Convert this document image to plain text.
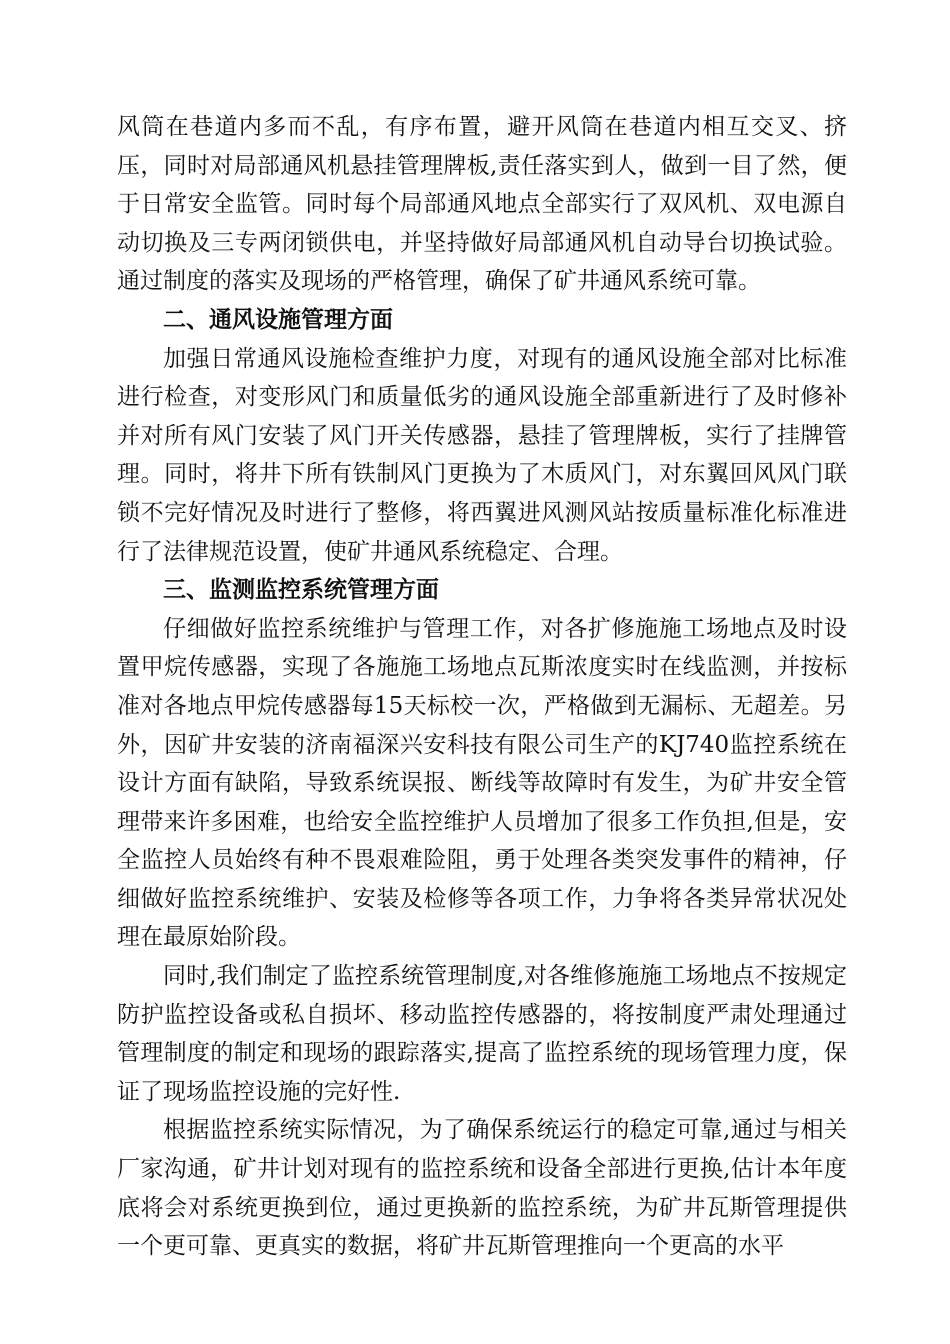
风筒在巷道内多而不乱，有序布置，避开风筒在巷道内相互交叉、挤压，同时对局部通风机悬挂管理牌板,责任落实到人，做到一目了然，便于日常安全监管。同时每个局部通风地点全部实行了双风机、双电源自动切换及三专两闭锁供电，并坚持做好局部通风机自动导台切换试验。通过制度的落实及现场的严格管理，确保了矿井通风系统可靠。

二、通风设施管理方面

加强日常通风设施检查维护力度，对现有的通风设施全部对比标准进行检查，对变形风门和质量低劣的通风设施全部重新进行了及时修补并对所有风门安装了风门开关传感器，悬挂了管理牌板，实行了挂牌管理。同时，将井下所有铁制风门更换为了木质风门，对东翼回风风门联锁不完好情况及时进行了整修，将西翼进风测风站按质量标准化标准进行了法律规范设置，使矿井通风系统稳定、合理。

三、监测监控系统管理方面

仔细做好监控系统维护与管理工作，对各扩修施施工场地点及时设置甲烷传感器，实现了各施施工场地点瓦斯浓度实时在线监测，并按标准对各地点甲烷传感器每15天标校一次，严格做到无漏标、无超差。另外，因矿井安装的济南福深兴安科技有限公司生产的KJ740监控系统在设计方面有缺陷，导致系统误报、断线等故障时有发生，为矿井安全管理带来许多困难，也给安全监控维护人员增加了很多工作负担,但是，安全监控人员始终有种不畏艰难险阻，勇于处理各类突发事件的精神，仔细做好监控系统维护、安装及检修等各项工作，力争将各类异常状况处理在最原始阶段。

同时,我们制定了监控系统管理制度,对各维修施施工场地点不按规定防护监控设备或私自损坏、移动监控传感器的，将按制度严肃处理通过管理制度的制定和现场的跟踪落实,提高了监控系统的现场管理力度，保证了现场监控设施的完好性.

根据监控系统实际情况，为了确保系统运行的稳定可靠,通过与相关厂家沟通，矿井计划对现有的监控系统和设备全部进行更换,估计本年度底将会对系统更换到位，通过更换新的监控系统，为矿井瓦斯管理提供一个更可靠、更真实的数据，将矿井瓦斯管理推向一个更高的水平
